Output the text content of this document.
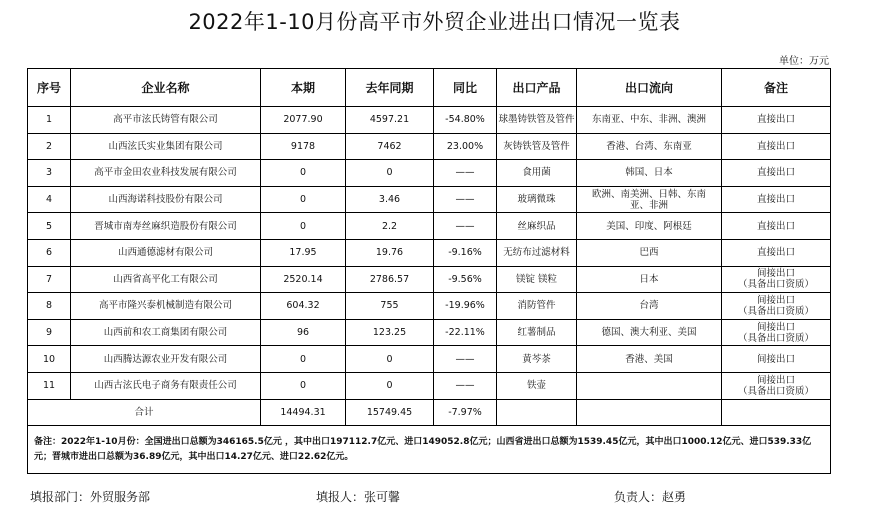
2022年1-10月份高平市外贸企业进出口情况一览表
单位：万元
序号	企业名称	本期	去年同期	同比	出口产品	出口流向	备注
1	高平市泫氏铸管有限公司	2077.90	4597.21	-54.80%	球墨铸铁管及管件	东南亚、中东、非洲、澳洲	直接出口
2	山西泫氏实业集团有限公司	9178	7462	23.00%	灰铸铁管及管件	香港、台湾、东南亚	直接出口
3	高平市金田农业科技发展有限公司	0	0	——	食用菌	韩国、日本	直接出口
4	山西海诺科技股份有限公司	0	3.46	——	玻璃微珠	欧洲、南美洲、日韩、东南亚、非洲	直接出口
5	晋城市南寿丝麻织造股份有限公司	0	2.2	——	丝麻织品	美国、印度、阿根廷	直接出口
6	山西通德滤材有限公司	17.95	19.76	-9.16%	无纺布过滤材料	巴西	直接出口
7	山西省高平化工有限公司	2520.14	2786.57	-9.56%	镁锭 镁粒	日本	间接出口
（具备出口资质）
8	高平市隆兴泰机械制造有限公司	604.32	755	-19.96%	消防管件	台湾	间接出口
（具备出口资质）
9	山西前和农工商集团有限公司	96	123.25	-22.11%	红薯制品	德国、澳大利亚、美国	间接出口
（具备出口资质）
10	山西腾达源农业开发有限公司	0	0	——	黄芩茶	香港、美国	间接出口
11	山西古泫氏电子商务有限责任公司	0	0	——	铁壶		间接出口
（具备出口资质）
合计		14494.31	15749.45	-7.97%			
备注：2022年1-10月份：全国进出口总额为346165.5亿元 ，其中出口197112.7亿元、进口149052.8亿元；山西省进出口总额为1539.45亿元，其中出口1000.12亿元、进口539.33亿元；晋城市进出口总额为36.89亿元，其中出口14.27亿元、进口22.62亿元。							
填报部门：外贸服务部	填报人：张可馨	负责人：赵勇
